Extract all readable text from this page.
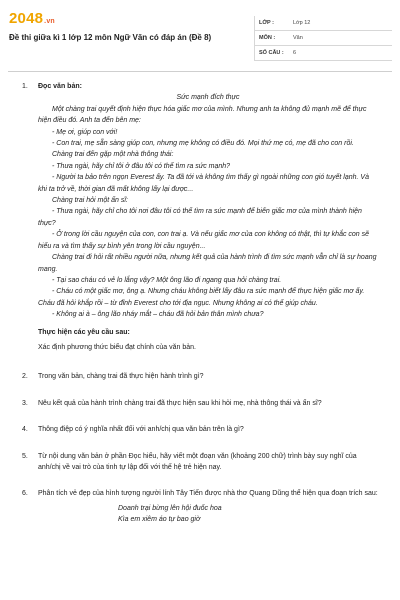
2048.vn
Đề thi giữa kì 1 lớp 12 môn Ngữ Văn có đáp án (Đề 8)
LỚP :	Lớp 12
MÔN :	Văn
SỐ CÂU :	6
1.	Đọc văn bản:
Sức mạnh đích thực

Một chàng trai quyết định hiện thực hóa giấc mơ của mình. Nhưng anh ta không đủ mạnh mẽ để thực hiện điều đó. Anh ta đến bên mẹ:

- Mẹ ơi, giúp con với!

- Con trai, mẹ sẵn sàng giúp con, nhưng mẹ không có điều đó. Mọi thứ mẹ có, mẹ đã cho con rồi.

Chàng trai đến gặp một nhà thông thái:

- Thưa ngài, hãy chỉ tôi ở đâu tôi có thể tìm ra sức mạnh?

- Người ta bảo trên ngọn Everest ấy. Ta đã tới và không tìm thấy gì ngoài những con gió tuyết lạnh. Và khi ta trở về, thời gian đã mất không lấy lại được...

Chàng trai hỏi một ẩn sĩ:

- Thưa ngài, hãy chỉ cho tôi nơi đâu tôi có thể tìm ra sức mạnh để biến giấc mơ của mình thành hiện thực?

- Ở trong lời cầu nguyện của con, con trai ạ. Và nếu giấc mơ của con không có thật, thì tự khắc con sẽ hiểu ra và tìm thấy sự bình yên trong lời cầu nguyện...

Chàng trai đi hỏi rất nhiều người nữa, nhưng kết quả của hành trình đi tìm sức mạnh vẫn chỉ là sự hoang mang.

- Tại sao cháu có vẻ lo lắng vậy? Một ông lão đi ngang qua hỏi chàng trai.

- Cháu có một giấc mơ, ông ạ. Nhưng cháu không biết lấy đâu ra sức mạnh để thực hiện giấc mơ ấy. Cháu đã hỏi khắp rồi – từ đỉnh Everest cho tới địa ngục. Nhưng không ai có thể giúp cháu.

- Không ai à – ông lão nháy mắt – cháu đã hỏi bản thân mình chưa?

Thực hiện các yêu cầu sau:
Xác định phương thức biểu đạt chính của văn bản.
2.	Trong văn bản, chàng trai đã thực hiện hành trình gì?
3.	Nêu kết quả của hành trình chàng trai đã thực hiện sau khi hỏi mẹ, nhà thông thái và ẩn sĩ?
4.	Thông điệp có ý nghĩa nhất đối với anh/chị qua văn bản trên là gì?
5.	Từ nội dung văn bản ở phần Đọc hiểu, hãy viết một đoạn văn (khoảng 200 chữ) trình bày suy nghĩ của anh/chị về vai trò của tinh tự lập đối với thế hệ trẻ hiện nay.
6.	Phân tích vẻ đẹp của hình tượng người lính Tây Tiến được nhà thơ Quang Dũng thể hiện qua đoạn trích sau:
Doanh trại bừng lên hội đuốc hoa
Kìa em xiêm áo tự bao giờ
